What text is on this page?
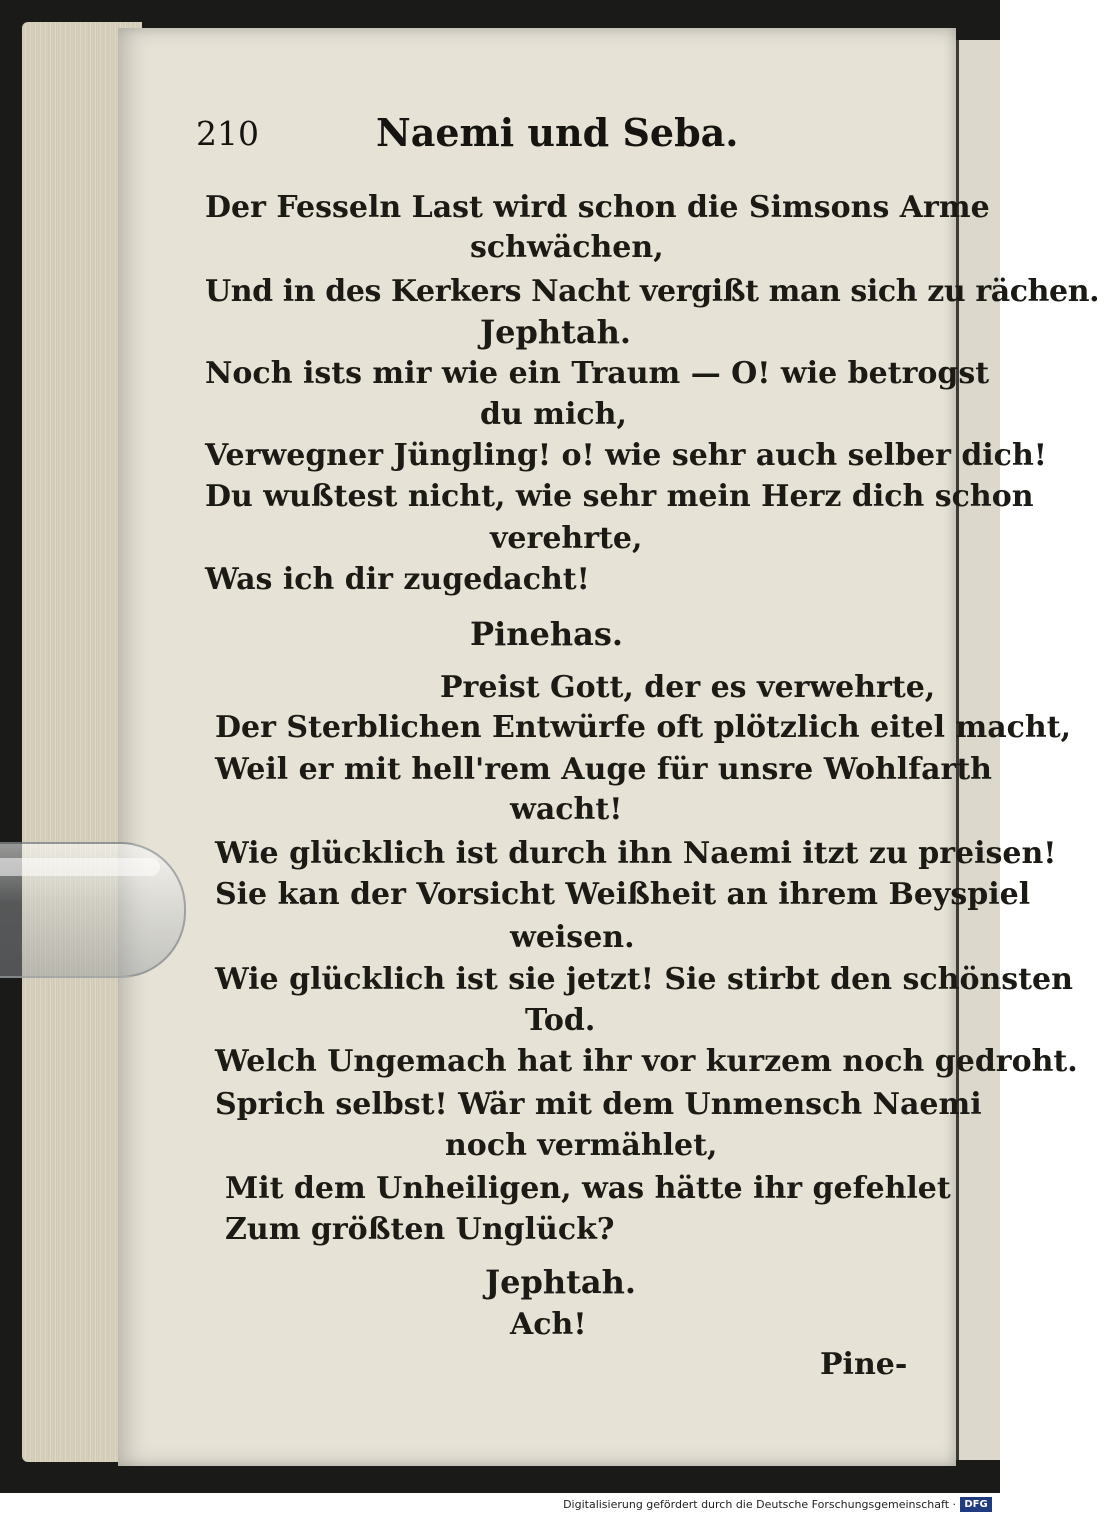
210	Naemi und Seba.
Der Fesseln Last wird schon die Simsons Arme
schwächen,
Und in des Kerkers Nacht vergißt man sich zu rächen.
Jephtah.
Noch ists mir wie ein Traum — O! wie betrogst
du mich,
Verwegner Jüngling! o! wie sehr auch selber dich!
Du wußtest nicht, wie sehr mein Herz dich schon
verehrte,
Was ich dir zugedacht!
Pinehas.
Preist Gott, der es verwehrte,
Der Sterblichen Entwürfe oft plötzlich eitel macht,
Weil er mit hell'rem Auge für unsre Wohlfarth
wacht!
Wie glücklich ist durch ihn Naemi itzt zu preisen!
Sie kan der Vorsicht Weißheit an ihrem Beyspiel
weisen.
Wie glücklich ist sie jetzt! Sie stirbt den schönsten
Tod.
Welch Ungemach hat ihr vor kurzem noch gedroht.
Sprich selbst! Wär mit dem Unmensch Naemi
noch vermählet,
Mit dem Unheiligen, was hätte ihr gefehlet
Zum größten Unglück?
Jephtah.
Ach!
Pine-
Digitalisierung gefördert durch die Deutsche Forschungsgemeinschaft · DFG
